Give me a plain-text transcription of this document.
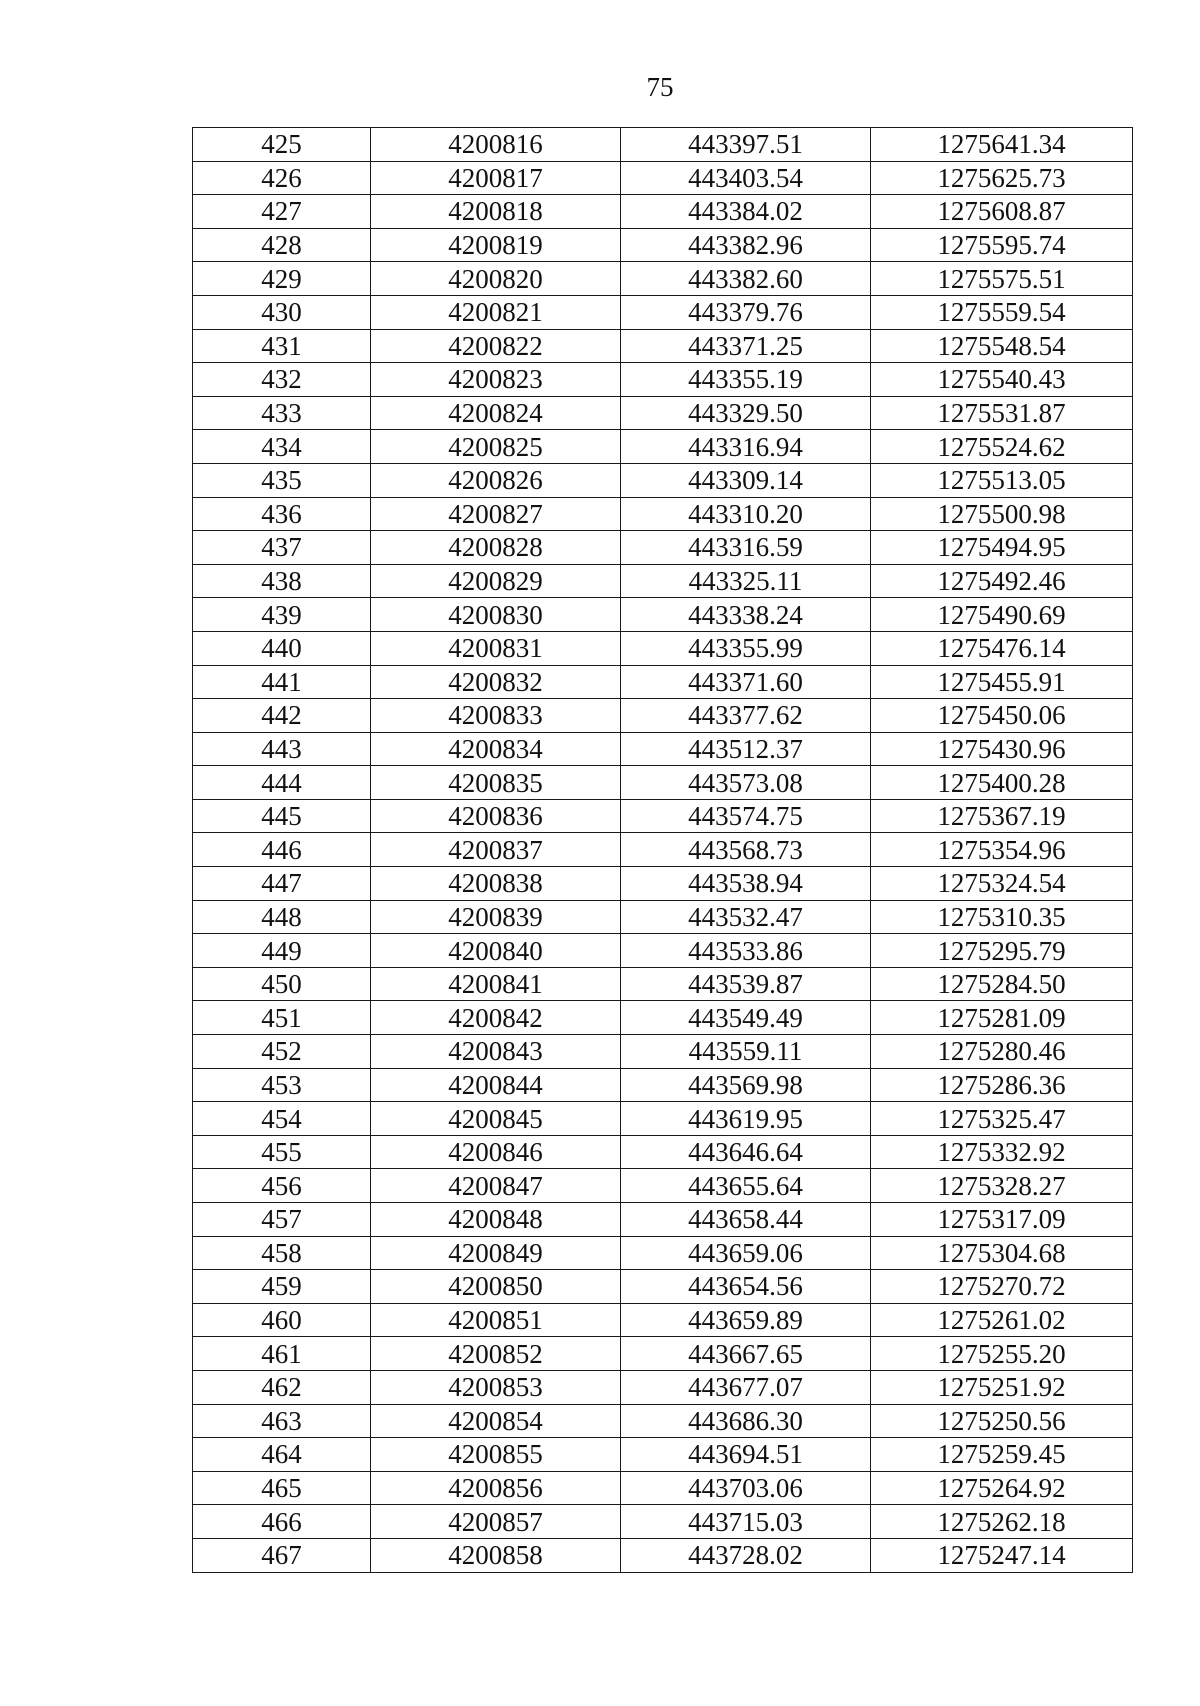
75
425	4200816	443397.51	1275641.34
426	4200817	443403.54	1275625.73
427	4200818	443384.02	1275608.87
428	4200819	443382.96	1275595.74
429	4200820	443382.60	1275575.51
430	4200821	443379.76	1275559.54
431	4200822	443371.25	1275548.54
432	4200823	443355.19	1275540.43
433	4200824	443329.50	1275531.87
434	4200825	443316.94	1275524.62
435	4200826	443309.14	1275513.05
436	4200827	443310.20	1275500.98
437	4200828	443316.59	1275494.95
438	4200829	443325.11	1275492.46
439	4200830	443338.24	1275490.69
440	4200831	443355.99	1275476.14
441	4200832	443371.60	1275455.91
442	4200833	443377.62	1275450.06
443	4200834	443512.37	1275430.96
444	4200835	443573.08	1275400.28
445	4200836	443574.75	1275367.19
446	4200837	443568.73	1275354.96
447	4200838	443538.94	1275324.54
448	4200839	443532.47	1275310.35
449	4200840	443533.86	1275295.79
450	4200841	443539.87	1275284.50
451	4200842	443549.49	1275281.09
452	4200843	443559.11	1275280.46
453	4200844	443569.98	1275286.36
454	4200845	443619.95	1275325.47
455	4200846	443646.64	1275332.92
456	4200847	443655.64	1275328.27
457	4200848	443658.44	1275317.09
458	4200849	443659.06	1275304.68
459	4200850	443654.56	1275270.72
460	4200851	443659.89	1275261.02
461	4200852	443667.65	1275255.20
462	4200853	443677.07	1275251.92
463	4200854	443686.30	1275250.56
464	4200855	443694.51	1275259.45
465	4200856	443703.06	1275264.92
466	4200857	443715.03	1275262.18
467	4200858	443728.02	1275247.14
